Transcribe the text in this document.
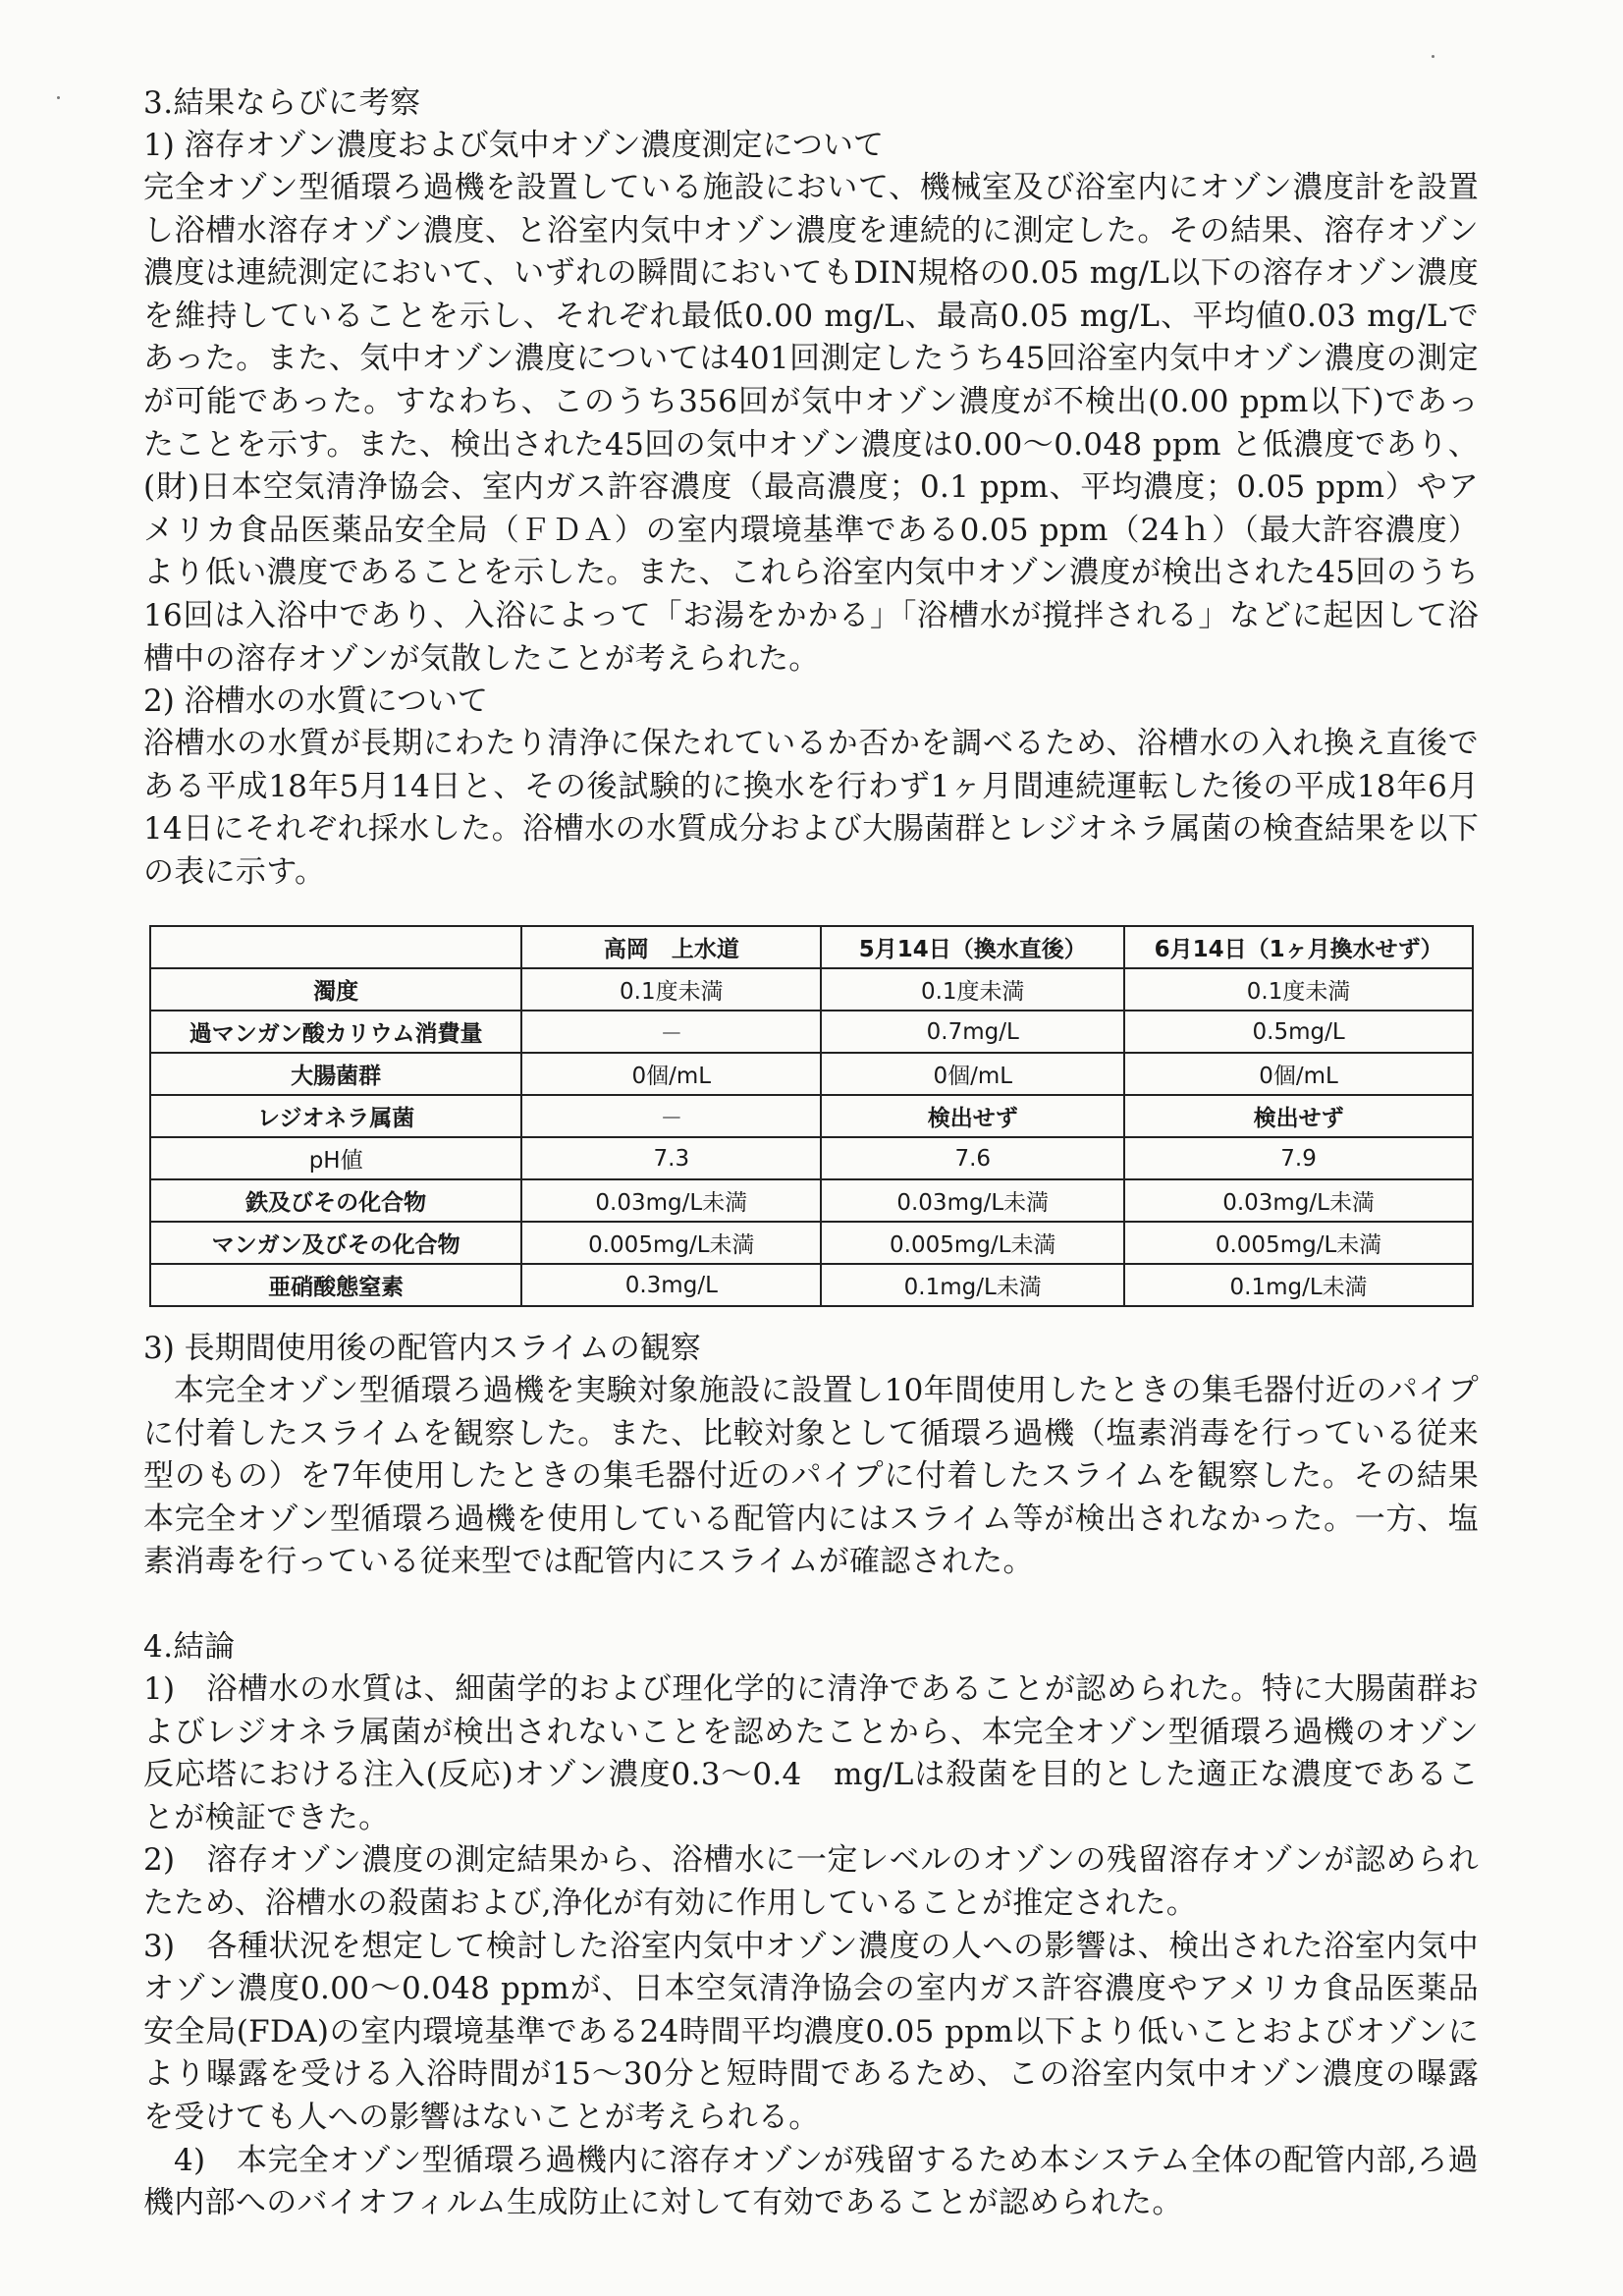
3.結果ならびに考察

1) 溶存オゾン濃度および気中オゾン濃度測定について

完全オゾン型循環ろ過機を設置している施設において、機械室及び浴室内にオゾン濃度計を設置し浴槽水溶存オゾン濃度、と浴室内気中オゾン濃度を連続的に測定した。その結果、溶存オゾン濃度は連続測定において、いずれの瞬間においてもDIN規格の0.05 mg/L以下の溶存オゾン濃度を維持していることを示し、それぞれ最低0.00 mg/L、最高0.05 mg/L、平均値0.03 mg/Lであった。また、気中オゾン濃度については401回測定したうち45回浴室内気中オゾン濃度の測定が可能であった。すなわち、このうち356回が気中オゾン濃度が不検出(0.00 ppm以下)であったことを示す。また、検出された45回の気中オゾン濃度は0.00～0.048 ppm と低濃度であり、(財)日本空気清浄協会、室内ガス許容濃度（最高濃度；0.1 ppm、平均濃度；0.05 ppm）やアメリカ食品医薬品安全局（ＦＤＡ）の室内環境基準である0.05 ppm（24ｈ）（最大許容濃度）より低い濃度であることを示した。また、これら浴室内気中オゾン濃度が検出された45回のうち16回は入浴中であり、入浴によって「お湯をかかる」「浴槽水が撹拌される」などに起因して浴槽中の溶存オゾンが気散したことが考えられた。

2) 浴槽水の水質について

浴槽水の水質が長期にわたり清浄に保たれているか否かを調べるため、浴槽水の入れ換え直後である平成18年5月14日と、その後試験的に換水を行わず1ヶ月間連続運転した後の平成18年6月14日にそれぞれ採水した。浴槽水の水質成分および大腸菌群とレジオネラ属菌の検査結果を以下の表に示す。

	高岡　上水道	5月14日（換水直後）	6月14日（1ヶ月換水せず）
濁度	0.1度未満	0.1度未満	0.1度未満
過マンガン酸カリウム消費量	－	0.7mg/L	0.5mg/L
大腸菌群	0個/mL	0個/mL	0個/mL
レジオネラ属菌	－	検出せず	検出せず
pH値	7.3	7.6	7.9
鉄及びその化合物	0.03mg/L未満	0.03mg/L未満	0.03mg/L未満
マンガン及びその化合物	0.005mg/L未満	0.005mg/L未満	0.005mg/L未満
亜硝酸態窒素	0.3mg/L	0.1mg/L未満	0.1mg/L未満

3) 長期間使用後の配管内スライムの観察

本完全オゾン型循環ろ過機を実験対象施設に設置し10年間使用したときの集毛器付近のパイプに付着したスライムを観察した。また、比較対象として循環ろ過機（塩素消毒を行っている従来型のもの）を7年使用したときの集毛器付近のパイプに付着したスライムを観察した。その結果本完全オゾン型循環ろ過機を使用している配管内にはスライム等が検出されなかった。一方、塩素消毒を行っている従来型では配管内にスライムが確認された。

4.結論

1)　浴槽水の水質は、細菌学的および理化学的に清浄であることが認められた。特に大腸菌群およびレジオネラ属菌が検出されないことを認めたことから、本完全オゾン型循環ろ過機のオゾン反応塔における注入(反応)オゾン濃度0.3～0.4　mg/Lは殺菌を目的とした適正な濃度であることが検証できた。

2)　溶存オゾン濃度の測定結果から、浴槽水に一定レベルのオゾンの残留溶存オゾンが認められたため、浴槽水の殺菌および,浄化が有効に作用していることが推定された。

3)　各種状況を想定して検討した浴室内気中オゾン濃度の人への影響は、検出された浴室内気中オゾン濃度0.00～0.048 ppmが、日本空気清浄協会の室内ガス許容濃度やアメリカ食品医薬品安全局(FDA)の室内環境基準である24時間平均濃度0.05 ppm以下より低いことおよびオゾンにより曝露を受ける入浴時間が15～30分と短時間であるため、この浴室内気中オゾン濃度の曝露を受けても人への影響はないことが考えられる。

4)　本完全オゾン型循環ろ過機内に溶存オゾンが残留するため本システム全体の配管内部,ろ過機内部へのバイオフィルム生成防止に対して有効であることが認められた。
